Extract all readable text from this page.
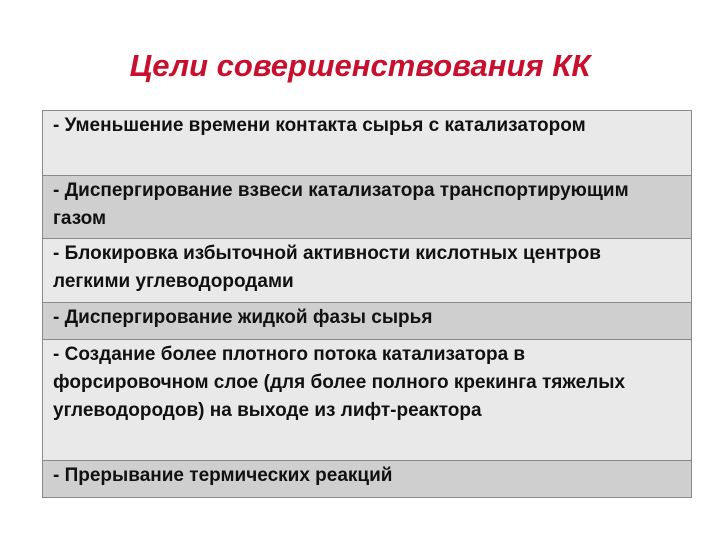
Цели совершенствования КК
- Уменьшение времени контакта сырья с катализатором
- Диспергирование взвеси катализатора транспортирующим газом
- Блокировка избыточной активности кислотных центров легкими углеводородами
- Диспергирование жидкой фазы сырья
- Создание более плотного потока катализатора в форсировочном слое (для более полного крекинга тяжелых углеводородов) на выходе из лифт-реактора
- Прерывание термических реакций
